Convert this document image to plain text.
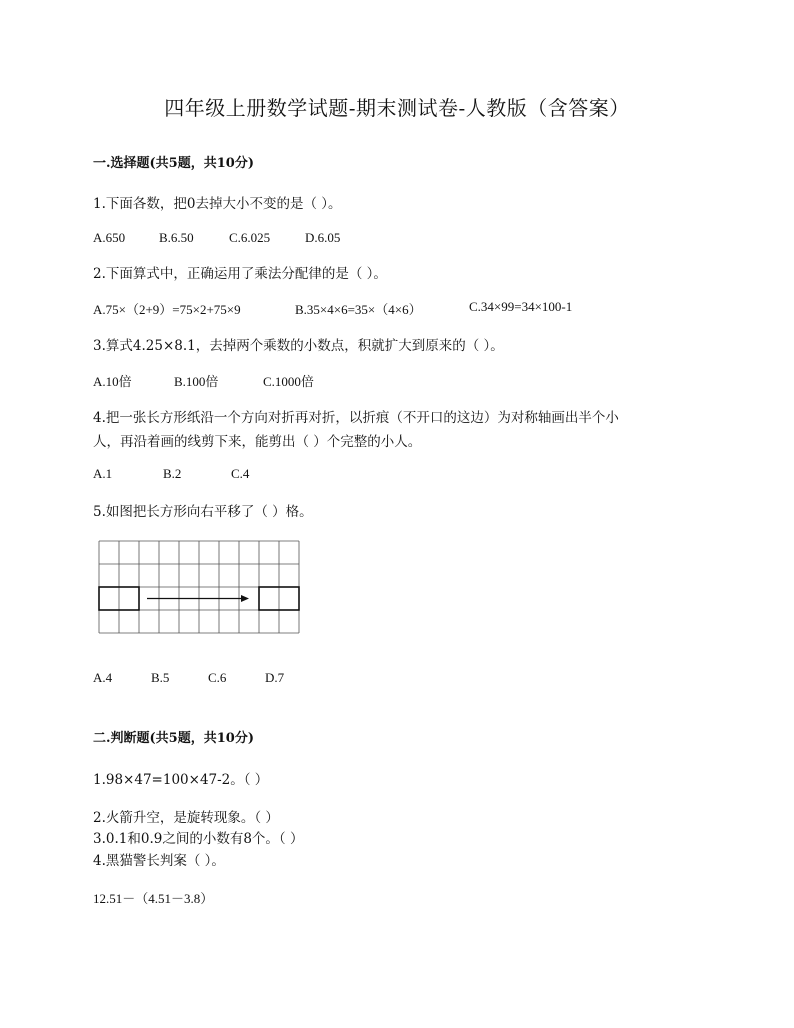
四年级上册数学试题-期末测试卷-人教版（含答案）
一.选择题(共5题，共10分)
1.下面各数，把0去掉大小不变的是（ ）。
A.650	B.6.50	C.6.025	D.6.05
2.下面算式中，正确运用了乘法分配律的是（ ）。
A.75×（2+9）=75×2+75×9	B.35×4×6=35×（4×6）	C.34×99=34×100-1
3.算式4.25×8.1，去掉两个乘数的小数点，积就扩大到原来的（ ）。
A.10倍	B.100倍	C.1000倍
4.把一张长方形纸沿一个方向对折再对折，以折痕（不开口的这边）为对称轴画出半个小
人，再沿着画的线剪下来，能剪出（ ）个完整的小人。
A.1	B.2	C.4
5.如图把长方形向右平移了（ ）格。
A.4	B.5	C.6	D.7
二.判断题(共5题，共10分)
1.98×47=100×47-2。（ ）
2.火箭升空，是旋转现象。（ ）
3.0.1和0.9之间的小数有8个。（ ）
4.黑猫警长判案（ ）。
12.51－（4.51－3.8）
